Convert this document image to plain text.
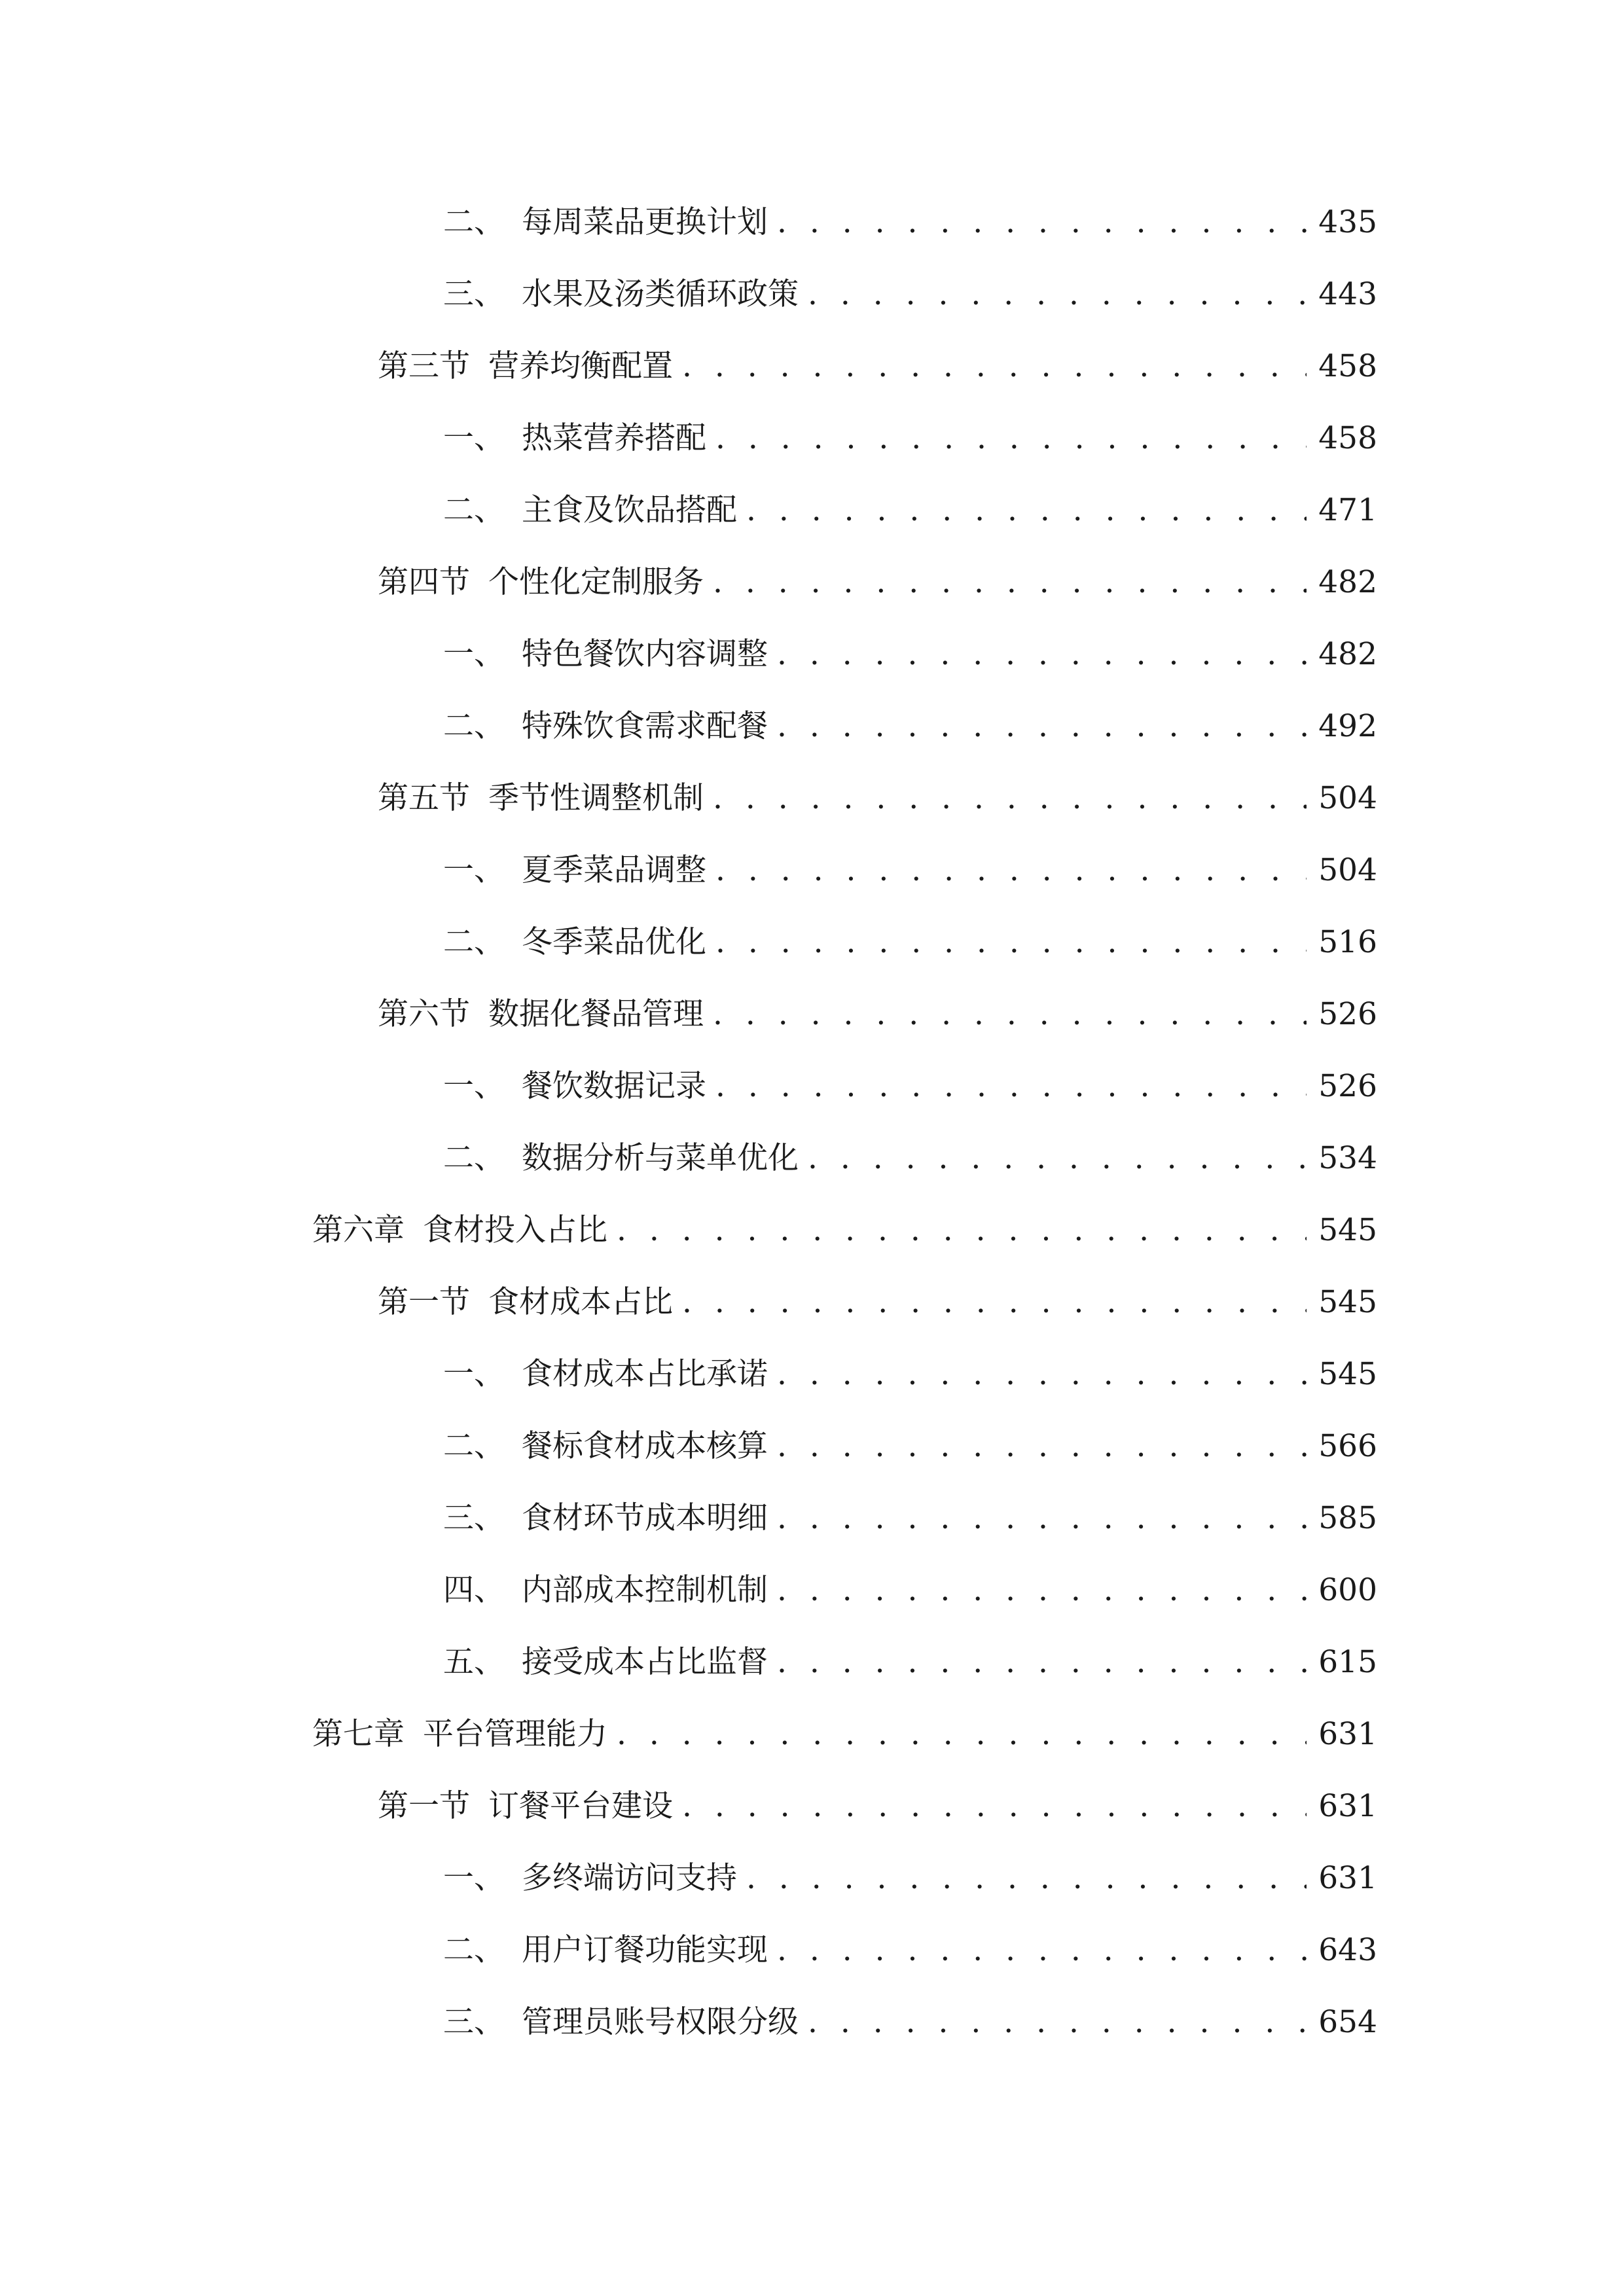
二、 每周菜品更换计划 . . .	435
三、 水果及汤类循环政策 . . .	443
第三节 营养均衡配置 . . .	458
一、 热菜营养搭配 . . .	458
二、 主食及饮品搭配 . . .	471
第四节 个性化定制服务 . . .	482
一、 特色餐饮内容调整 . . .	482
二、 特殊饮食需求配餐 . . .	492
第五节 季节性调整机制 . . .	504
一、 夏季菜品调整 . . .	504
二、 冬季菜品优化 . . .	516
第六节 数据化餐品管理 . . .	526
一、 餐饮数据记录 . . .	526
二、 数据分析与菜单优化 . . .	534
第六章 食材投入占比 . . .	545
第一节 食材成本占比 . . .	545
一、 食材成本占比承诺 . . .	545
二、 餐标食材成本核算 . . .	566
三、 食材环节成本明细 . . .	585
四、 内部成本控制机制 . . .	600
五、 接受成本占比监督 . . .	615
第七章 平台管理能力 . . .	631
第一节 订餐平台建设 . . .	631
一、 多终端访问支持 . . .	631
二、 用户订餐功能实现 . . .	643
三、 管理员账号权限分级 . . .	654
